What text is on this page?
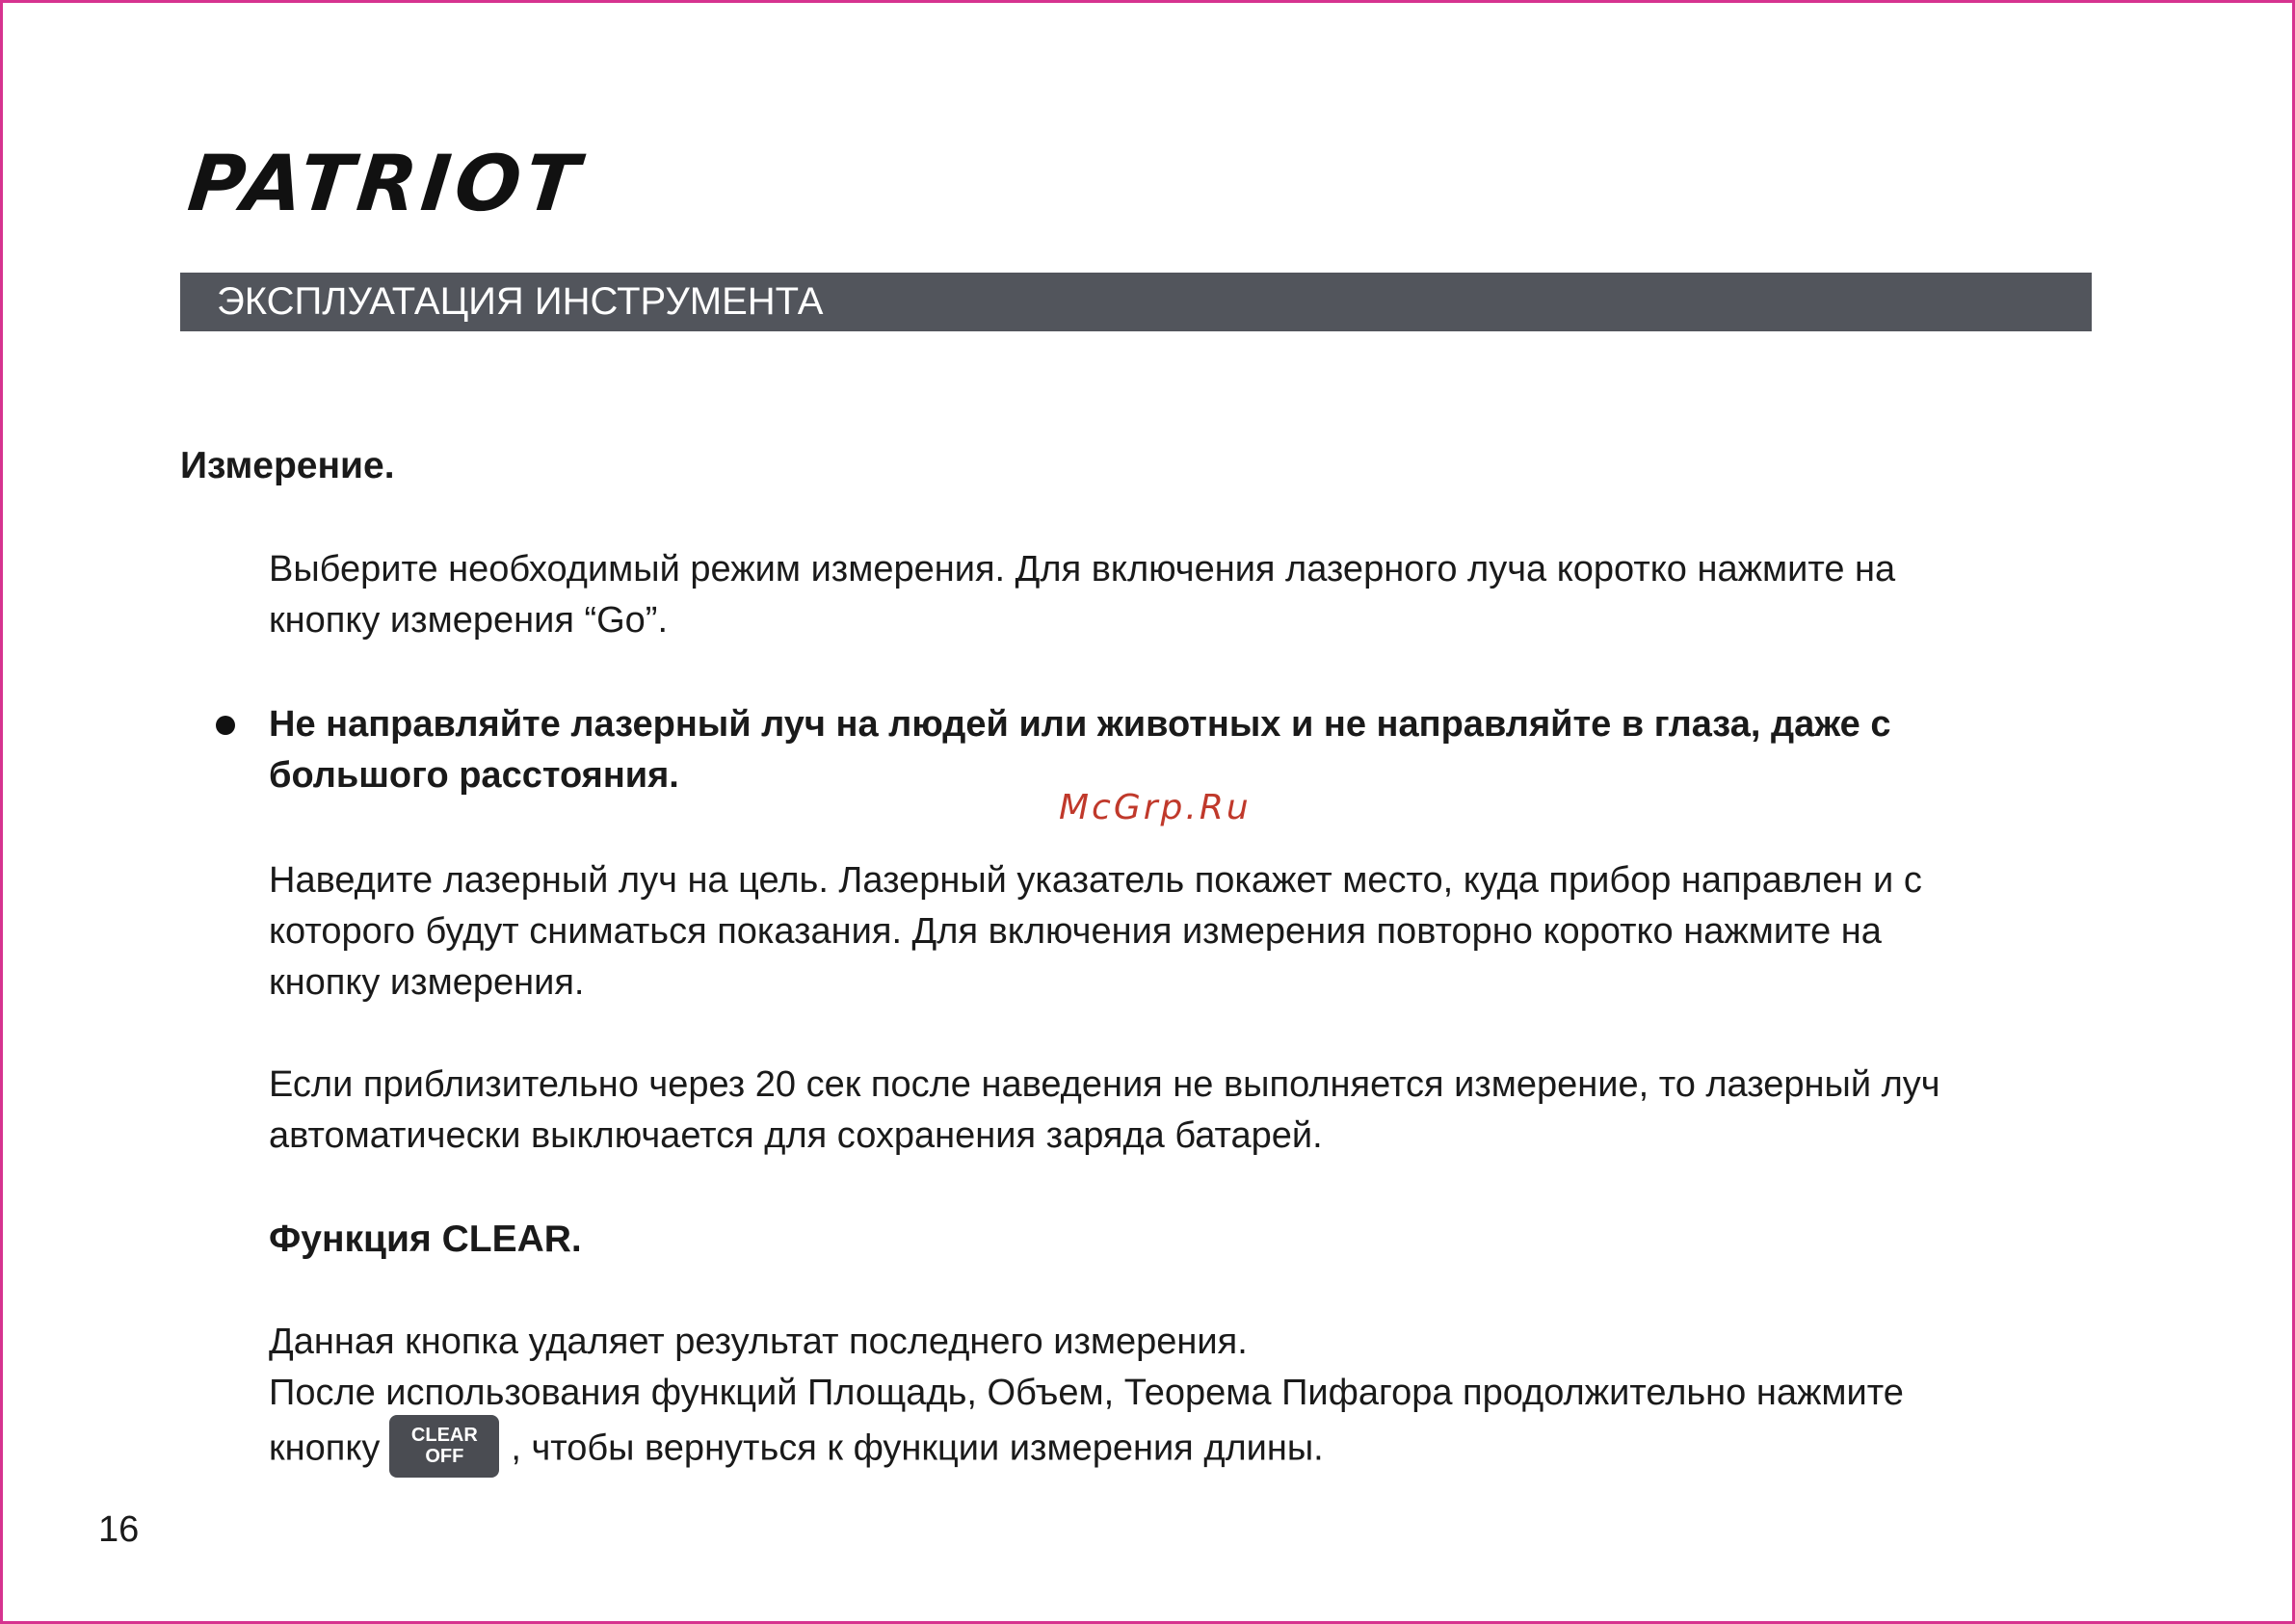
PATRIOT
ЭКСПЛУАТАЦИЯ ИНСТРУМЕНТА
Измерение.
Выберите необходимый режим измерения. Для включения лазерного луча коротко нажмите на
кнопку измерения “Go”.
Не направляйте лазерный луч на людей или животных и не направляйте в глаза, даже с
большого расстояния.
McGrp.Ru
Наведите лазерный луч на цель. Лазерный указатель покажет место, куда прибор направлен и с
которого будут сниматься показания. Для включения измерения повторно коротко нажмите на
кнопку измерения.
Если приблизительно через 20 сек после наведения не выполняется измерение, то лазерный луч
автоматически выключается для сохранения заряда батарей.
Функция CLEAR.
Данная кнопка удаляет результат последнего измерения.
После использования функций Площадь, Объем, Теорема Пифагора продолжительно нажмите
кнопку	CLEAR
OFF	, чтобы вернуться к функции измерения длины.
16
